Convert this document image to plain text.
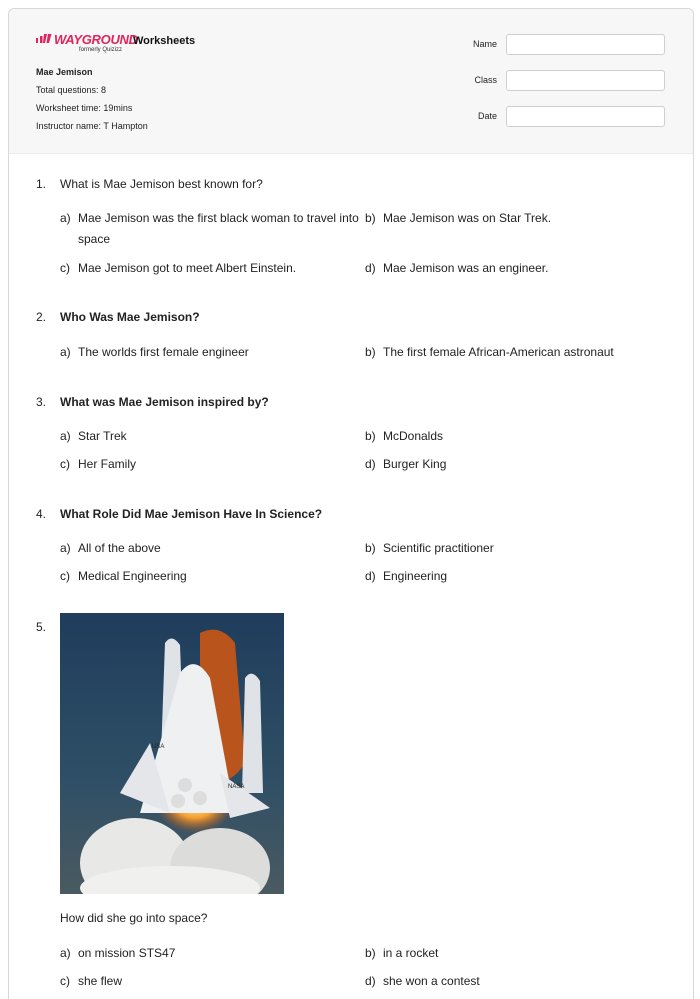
WAYGROUND
formerly Quizizz
Worksheets
Mae Jemison
Total questions: 8
Worksheet time: 19mins
Instructor name: T Hampton
Name
Class
Date
1. What is Mae Jemison best known for?
a) Mae Jemison was the first black woman to travel into
space
b) Mae Jemison was on Star Trek.
c) Mae Jemison got to meet Albert Einstein.	d) Mae Jemison was an engineer.
2. Who Was Mae Jemison?
a) The worlds first female engineer	b) The first female African-American astronaut
3. What was Mae Jemison inspired by?
a) Star Trek	b) McDonalds
c) Her Family	d) Burger King
4. What Role Did Mae Jemison Have In Science?
a) All of the above	b) Scientific practitioner
c) Medical Engineering	d) Engineering
5.
USA
NASA
How did she go into space?
a) on mission STS47	b) in a rocket
c) she flew	d) she won a contest
